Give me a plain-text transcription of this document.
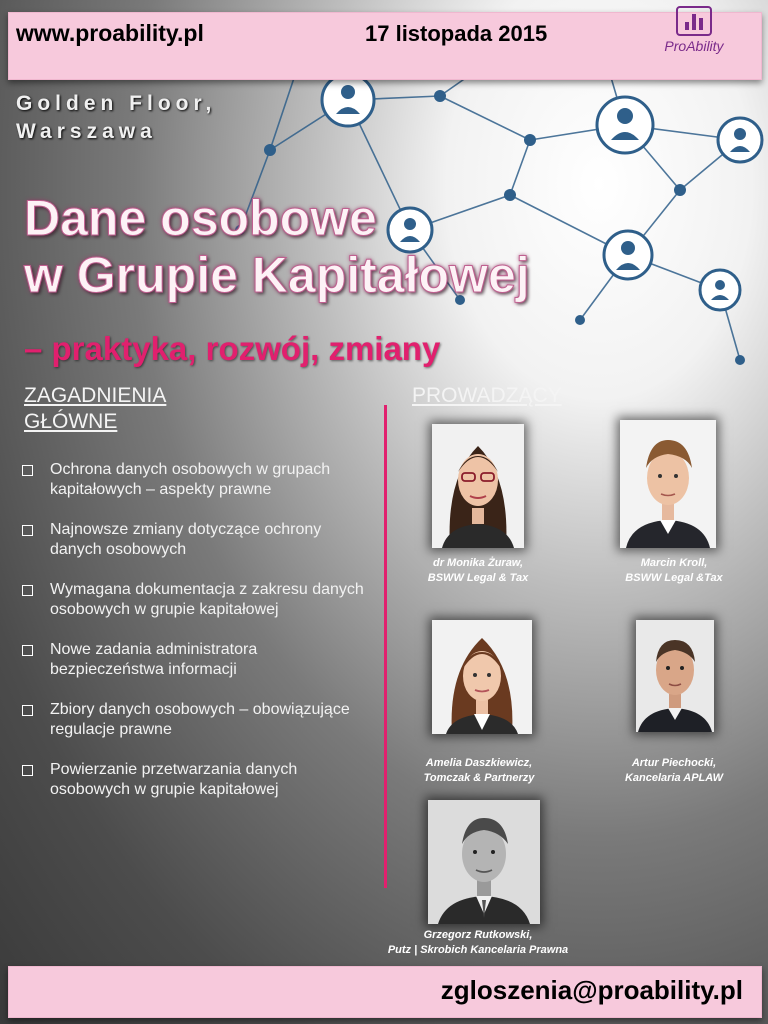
www.proability.pl	17 listopada 2015	ProAbility
Golden Floor,
Warszawa
Dane osobowe
w Grupie Kapitałowej
– praktyka, rozwój, zmiany
ZAGADNIENIA
GŁÓWNE
Ochrona danych osobowych w grupach kapitałowych – aspekty prawne
Najnowsze zmiany dotyczące ochrony danych osobowych
Wymagana dokumentacja z zakresu danych osobowych w grupie kapitałowej
Nowe zadania administratora bezpieczeństwa informacji
Zbiory danych osobowych – obowiązujące regulacje prawne
Powierzanie przetwarzania danych osobowych w grupie kapitałowej
PROWADZĄCY
dr Monika Żuraw,
BSWW Legal & Tax
Marcin Kroll,
BSWW Legal &Tax
Amelia Daszkiewicz,
Tomczak & Partnerzy
Artur Piechocki,
Kancelaria APLAW
Grzegorz Rutkowski,
Putz | Skrobich Kancelaria Prawna
zgloszenia@proability.pl
